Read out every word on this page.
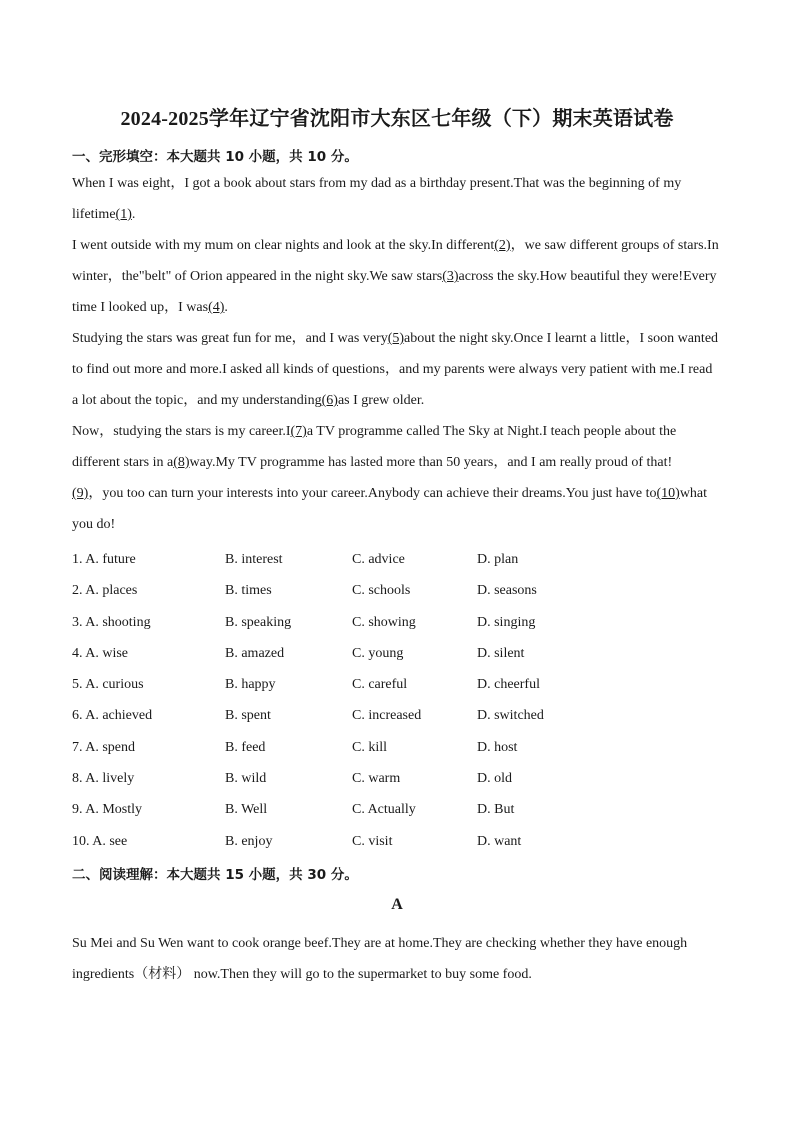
2024-2025学年辽宁省沈阳市大东区七年级（下）期末英语试卷
一、完形填空：本大题共 10 小题，共 10 分。
When I was eight，I got a book about stars from my dad as a birthday present.That was the beginning of my
lifetime(1).
I went outside with my mum on clear nights and look at the sky.In different(2)，we saw different groups of stars.In
winter，the"belt" of Orion appeared in the night sky.We saw stars(3)across the sky.How beautiful they were!Every
time I looked up，I was(4).
Studying the stars was great fun for me，and I was very(5)about the night sky.Once I learnt a little，I soon wanted
to find out more and more.I asked all kinds of questions，and my parents were always very patient with me.I read
a lot about the topic，and my understanding(6)as I grew older.
Now，studying the stars is my career.I(7)a TV programme called The Sky at Night.I teach people about the
different stars in a(8)way.My TV programme has lasted more than 50 years，and I am really proud of that!
(9)，you too can turn your interests into your career.Anybody can achieve their dreams.You just have to(10)what
you do!
1. A. future	B. interest	C. advice	D. plan
2. A. places	B. times	C. schools	D. seasons
3. A. shooting	B. speaking	C. showing	D. singing
4. A. wise	B. amazed	C. young	D. silent
5. A. curious	B. happy	C. careful	D. cheerful
6. A. achieved	B. spent	C. increased	D. switched
7. A. spend	B. feed	C. kill	D. host
8. A. lively	B. wild	C. warm	D. old
9. A. Mostly	B. Well	C. Actually	D. But
10. A. see	B. enjoy	C. visit	D. want
二、阅读理解：本大题共 15 小题，共 30 分。
A
Su Mei and Su Wen want to cook orange beef.They are at home.They are checking whether they have enough
ingredients（材料） now.Then they will go to the supermarket to buy some food.
